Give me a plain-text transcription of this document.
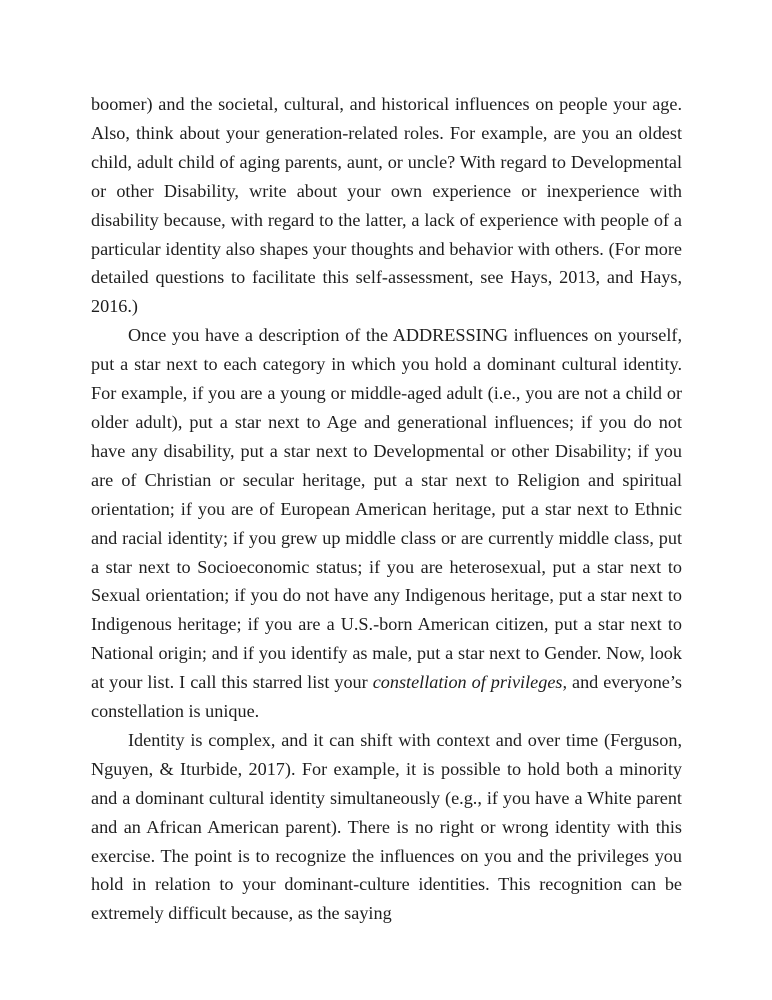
boomer) and the societal, cultural, and historical influences on people your age. Also, think about your generation-related roles. For example, are you an oldest child, adult child of aging parents, aunt, or uncle? With regard to Developmental or other Disability, write about your own experience or inexperience with disability because, with regard to the latter, a lack of experience with people of a particular identity also shapes your thoughts and behavior with others. (For more detailed questions to facilitate this self-assessment, see Hays, 2013, and Hays, 2016.)

Once you have a description of the ADDRESSING influences on yourself, put a star next to each category in which you hold a dominant cultural identity. For example, if you are a young or middle-aged adult (i.e., you are not a child or older adult), put a star next to Age and generational influences; if you do not have any disability, put a star next to Developmental or other Disability; if you are of Christian or secular heritage, put a star next to Religion and spiritual orientation; if you are of European American heritage, put a star next to Ethnic and racial identity; if you grew up middle class or are currently middle class, put a star next to Socioeconomic status; if you are heterosexual, put a star next to Sexual orientation; if you do not have any Indigenous heritage, put a star next to Indigenous heritage; if you are a U.S.-born American citizen, put a star next to National origin; and if you identify as male, put a star next to Gender. Now, look at your list. I call this starred list your constellation of privileges, and everyone’s constellation is unique.

Identity is complex, and it can shift with context and over time (Ferguson, Nguyen, & Iturbide, 2017). For example, it is possible to hold both a minority and a dominant cultural identity simultaneously (e.g., if you have a White parent and an African American parent). There is no right or wrong identity with this exercise. The point is to recognize the influences on you and the privileges you hold in relation to your dominant-culture identities. This recognition can be extremely difficult because, as the saying
